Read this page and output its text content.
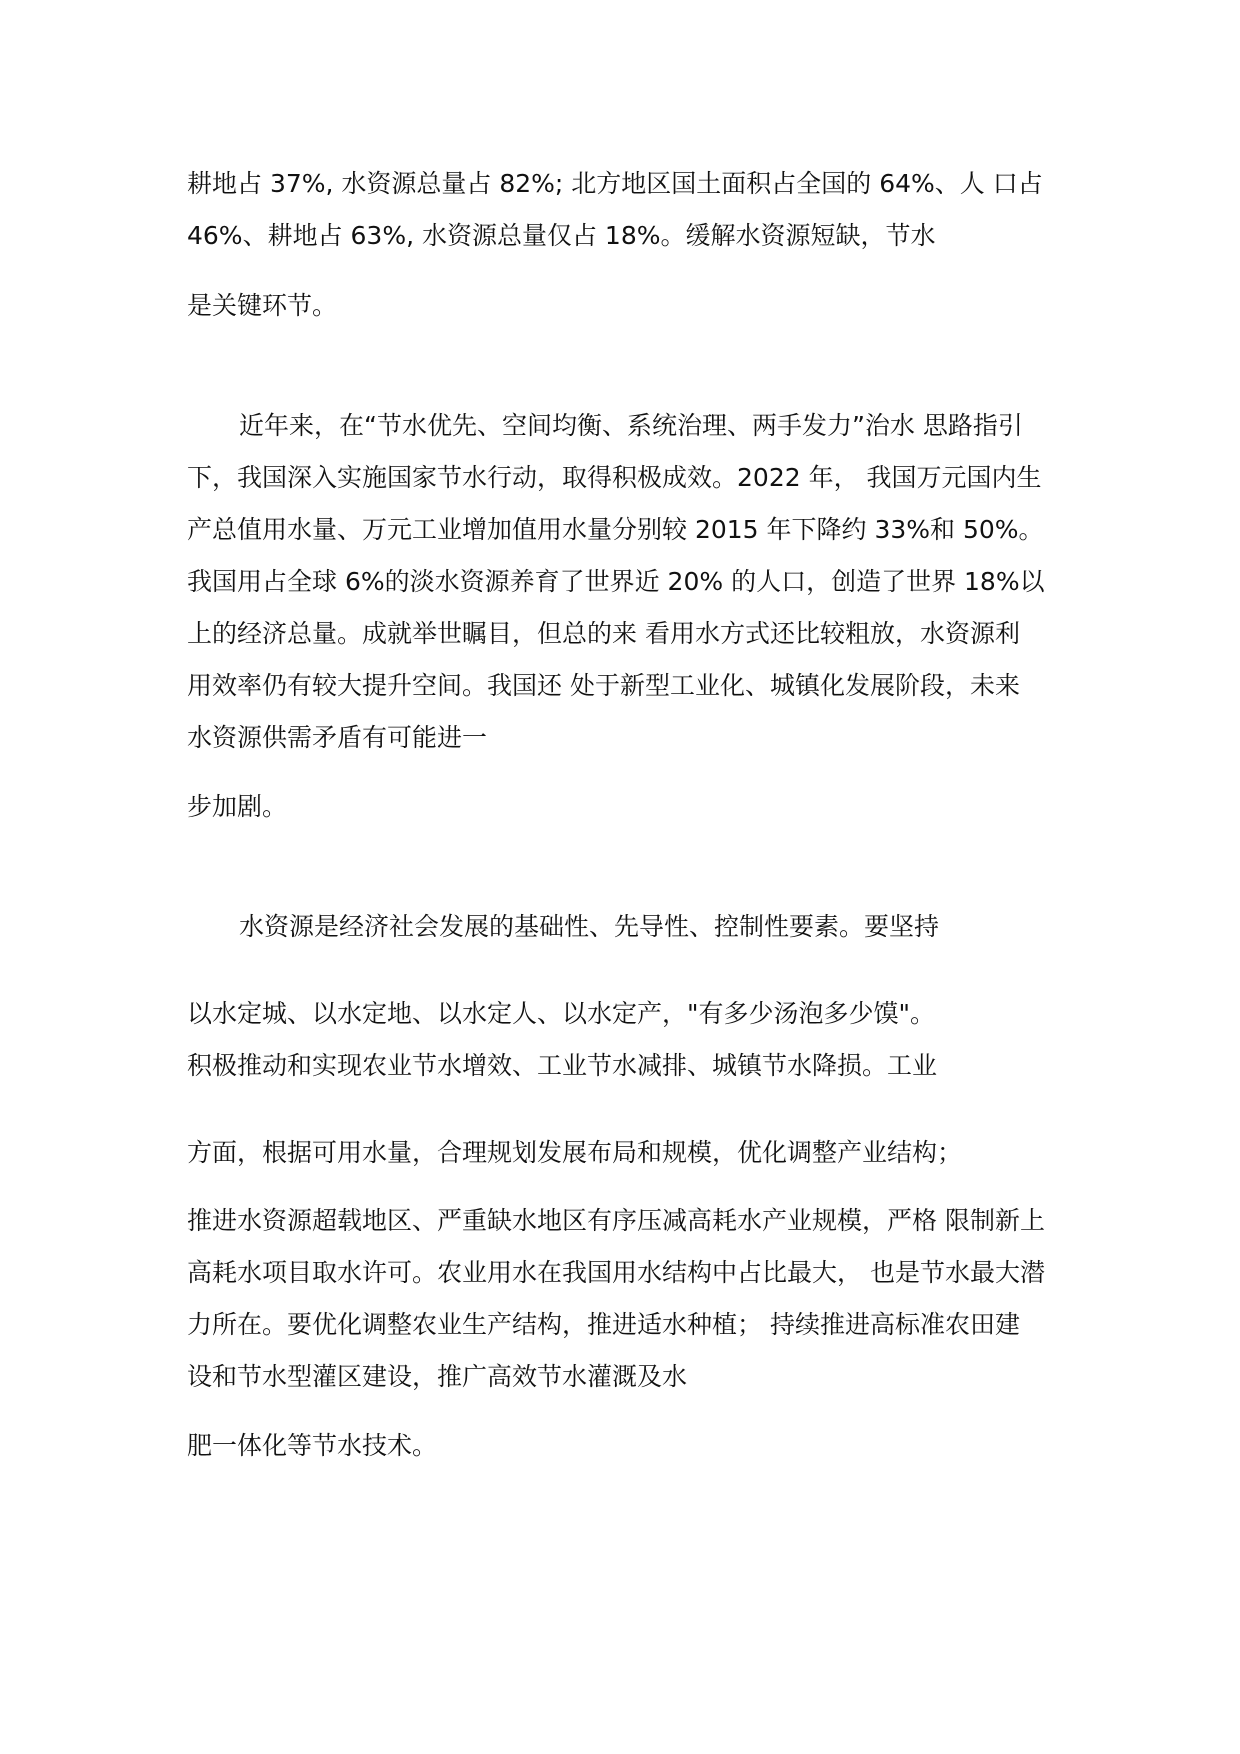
耕地占 37%, 水资源总量占 82%; 北方地区国土面积占全国的 64%、人 口占

46%、耕地占 63%, 水资源总量仅占 18%。缓解水资源短缺，节水

是关键环节。

近年来，在“节水优先、空间均衡、系统治理、两手发力”治水 思路指引

下，我国深入实施国家节水行动，取得积极成效。2022 年， 我国万元国内生

产总值用水量、万元工业增加值用水量分别较 2015 年下降约 33%和 50%。

我国用占全球 6%的淡水资源养育了世界近 20% 的人口，创造了世界 18%以

上的经济总量。成就举世瞩目，但总的来 看用水方式还比较粗放，水资源利

用效率仍有较大提升空间。我国还 处于新型工业化、城镇化发展阶段，未来

水资源供需矛盾有可能进一

步加剧。

水资源是经济社会发展的基础性、先导性、控制性要素。要坚持

以水定城、以水定地、以水定人、以水定产，"有多少汤泡多少馍"。

积极推动和实现农业节水增效、工业节水减排、城镇节水降损。工业

方面，根据可用水量，合理规划发展布局和规模，优化调整产业结构；

推进水资源超载地区、严重缺水地区有序压减高耗水产业规模，严格 限制新上

高耗水项目取水许可。农业用水在我国用水结构中占比最大， 也是节水最大潜

力所在。要优化调整农业生产结构，推进适水种植； 持续推进高标准农田建

设和节水型灌区建设，推广高效节水灌溉及水

肥一体化等节水技术。
